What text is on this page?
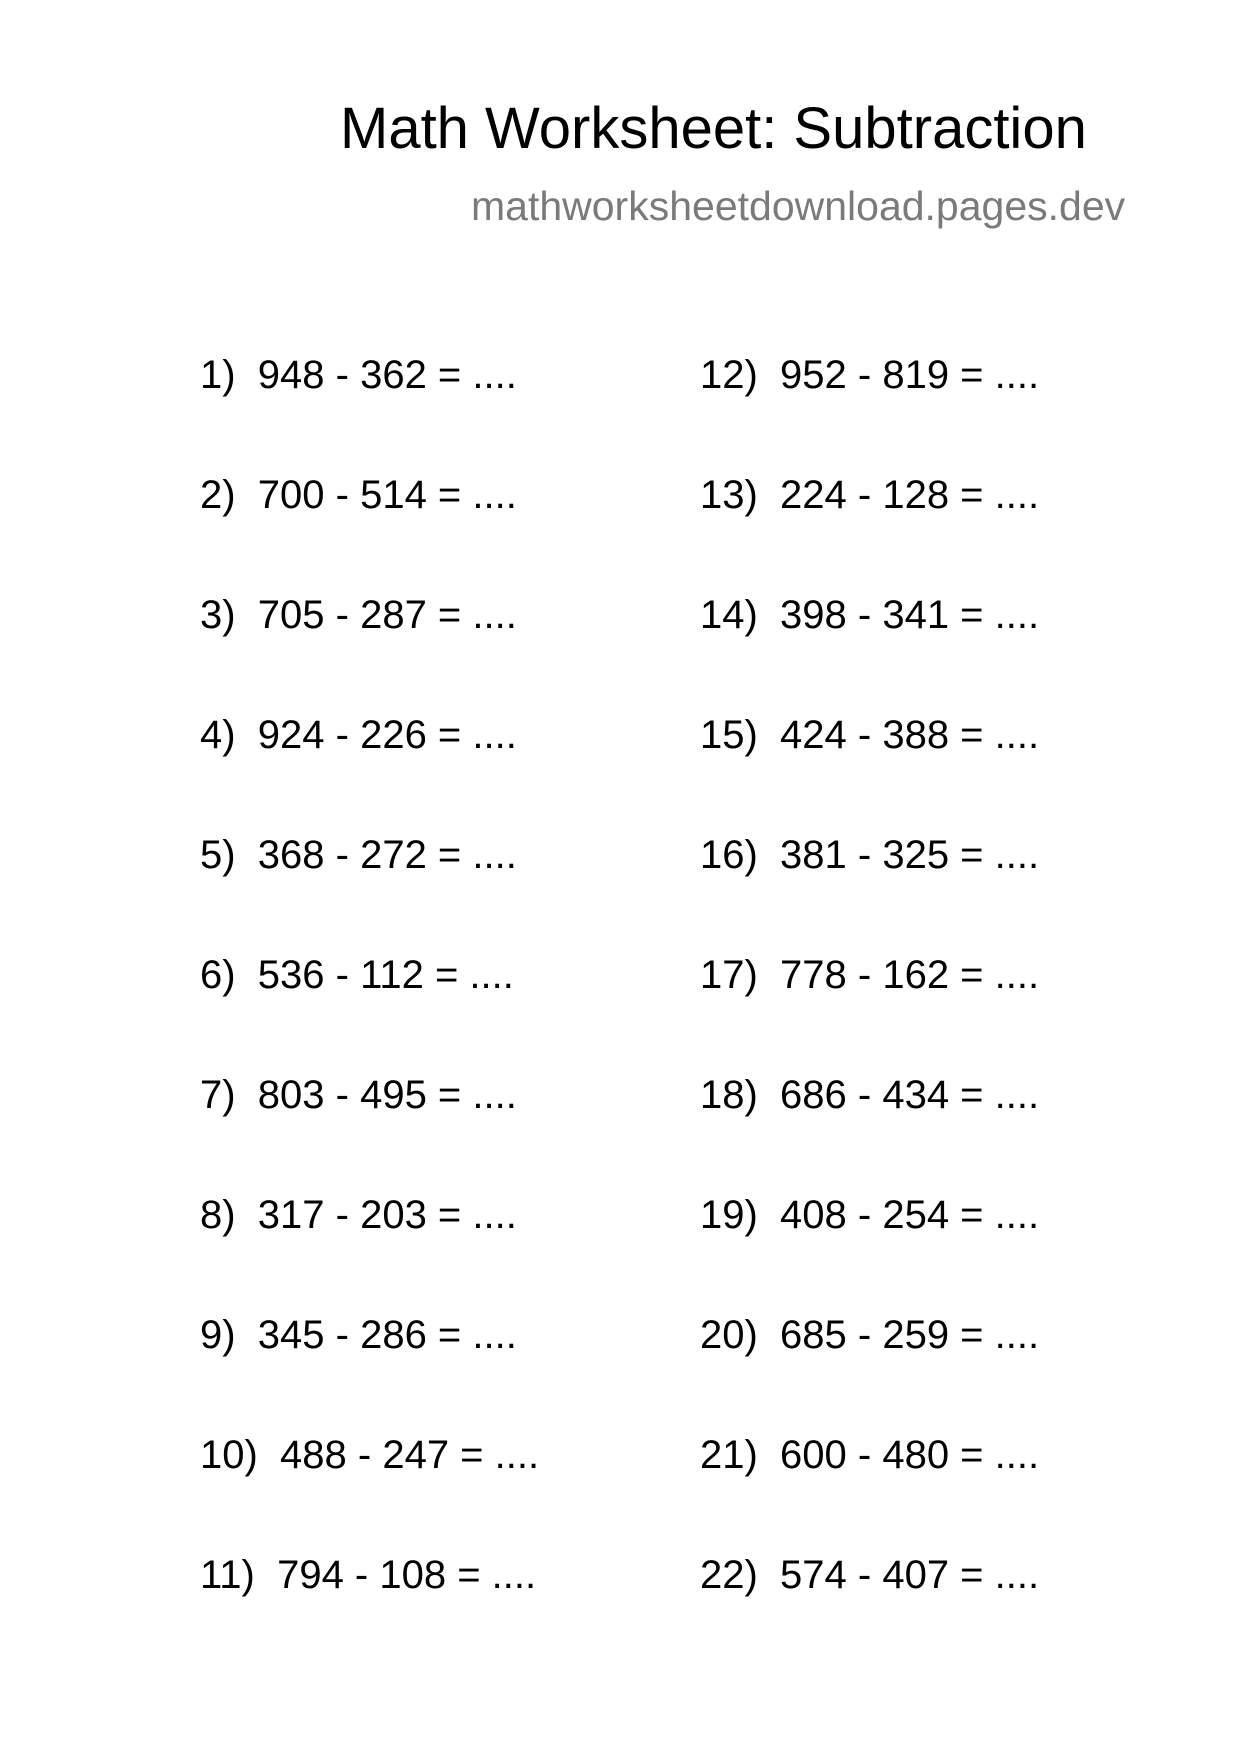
Math Worksheet: Subtraction
mathworksheetdownload.pages.dev
1)  948 - 362 = ....
2)  700 - 514 = ....
3)  705 - 287 = ....
4)  924 - 226 = ....
5)  368 - 272 = ....
6)  536 - 112 = ....
7)  803 - 495 = ....
8)  317 - 203 = ....
9)  345 - 286 = ....
10)  488 - 247 = ....
11)  794 - 108 = ....
12)  952 - 819 = ....
13)  224 - 128 = ....
14)  398 - 341 = ....
15)  424 - 388 = ....
16)  381 - 325 = ....
17)  778 - 162 = ....
18)  686 - 434 = ....
19)  408 - 254 = ....
20)  685 - 259 = ....
21)  600 - 480 = ....
22)  574 - 407 = ....
